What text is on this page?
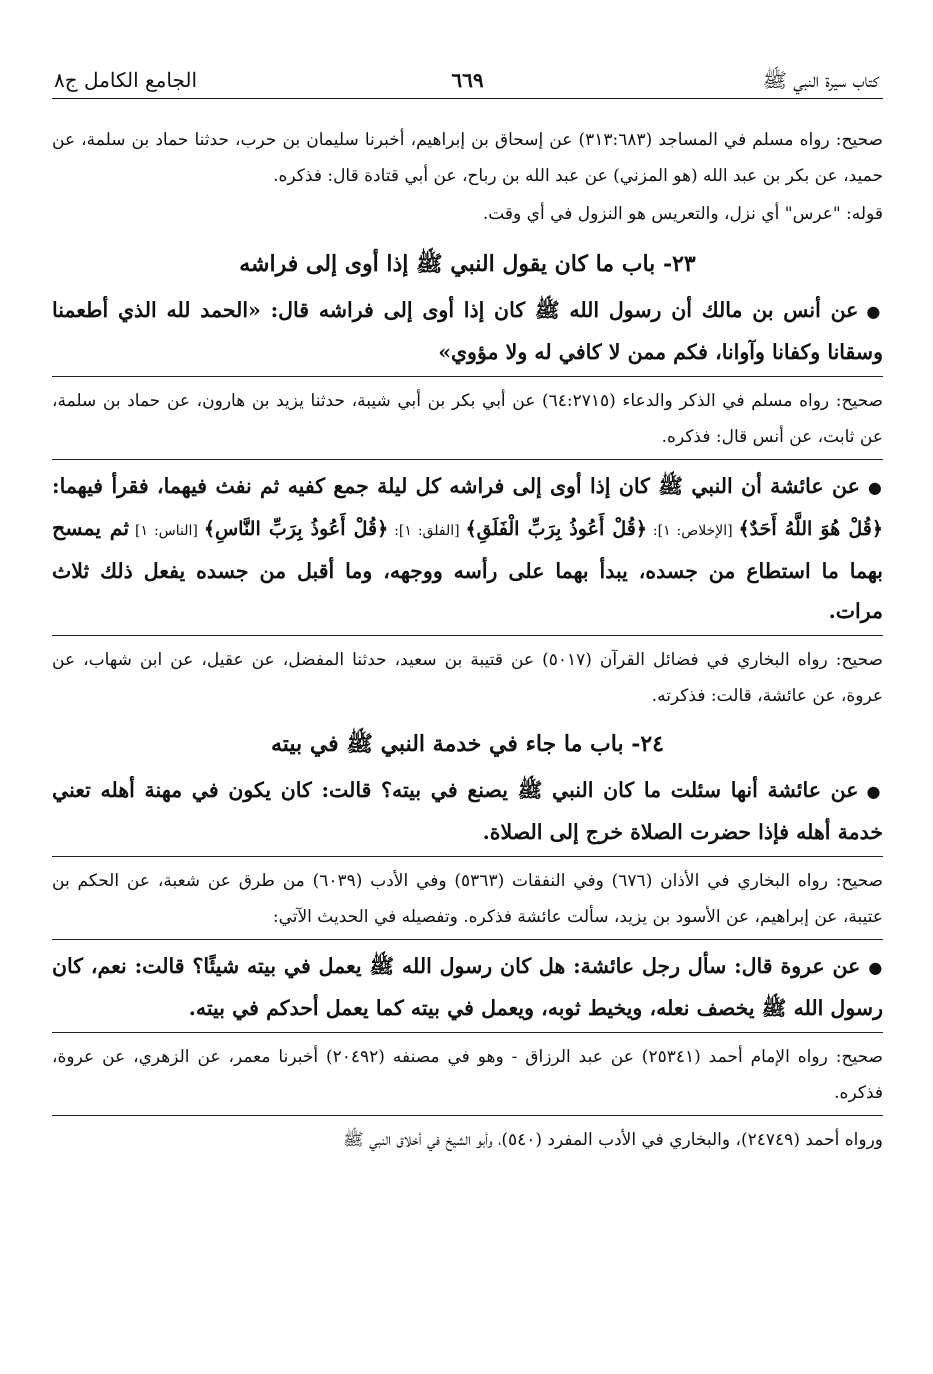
كتاب سيرة النبي ﷺ
٦٦٩
الجامع الكامل ج٨

صحيح: رواه مسلم في المساجد (٣١٣:٦٨٣) عن إسحاق بن إبراهيم، أخبرنا سليمان بن حرب، حدثنا حماد بن سلمة، عن حميد، عن بكر بن عبد الله (هو المزني) عن عبد الله بن رباح، عن أبي قتادة قال: فذكره.

قوله: "عرس" أي نزل، والتعريس هو النزول في أي وقت.

٢٣- باب ما كان يقول النبي ﷺ إذا أوى إلى فراشه

●عن أنس بن مالك أن رسول الله ﷺ كان إذا أوى إلى فراشه قال: «الحمد لله الذي أطعمنا وسقانا وكفانا وآوانا، فكم ممن لا كافي له ولا مؤوي»

صحيح: رواه مسلم في الذكر والدعاء (٦٤:٢٧١٥) عن أبي بكر بن أبي شيبة، حدثنا يزيد بن هارون، عن حماد بن سلمة، عن ثابت، عن أنس قال: فذكره.

●عن عائشة أن النبي ﷺ كان إذا أوى إلى فراشه كل ليلة جمع كفيه ثم نفث فيهما، فقرأ فيهما: ﴿قُلْ هُوَ اللَّهُ أَحَدٌ﴾ [الإخلاص: ١]: ﴿قُلْ أَعُوذُ بِرَبِّ الْفَلَقِ﴾ [الفلق: ١]: ﴿قُلْ أَعُوذُ بِرَبِّ النَّاسِ﴾ [الناس: ١] ثم يمسح بهما ما استطاع من جسده، يبدأ بهما على رأسه ووجهه، وما أقبل من جسده يفعل ذلك ثلاث مرات.

صحيح: رواه البخاري في فضائل القرآن (٥٠١٧) عن قتيبة بن سعيد، حدثنا المفضل، عن عقيل، عن ابن شهاب، عن عروة، عن عائشة، قالت: فذكرته.

٢٤- باب ما جاء في خدمة النبي ﷺ في بيته

●عن عائشة أنها سئلت ما كان النبي ﷺ يصنع في بيته؟ قالت: كان يكون في مهنة أهله تعني خدمة أهله فإذا حضرت الصلاة خرج إلى الصلاة.

صحيح: رواه البخاري في الأذان (٦٧٦) وفي النفقات (٥٣٦٣) وفي الأدب (٦٠٣٩) من طرق عن شعبة، عن الحكم بن عتيبة، عن إبراهيم، عن الأسود بن يزيد، سألت عائشة فذكره. وتفصيله في الحديث الآتي:

●عن عروة قال: سأل رجل عائشة: هل كان رسول الله ﷺ يعمل في بيته شيئًا؟ قالت: نعم، كان رسول الله ﷺ يخصف نعله، ويخيط ثوبه، ويعمل في بيته كما يعمل أحدكم في بيته.

صحيح: رواه الإمام أحمد (٢٥٣٤١) عن عبد الرزاق - وهو في مصنفه (٢٠٤٩٢) أخبرنا معمر، عن الزهري، عن عروة، فذكره.

ورواه أحمد (٢٤٧٤٩)، والبخاري في الأدب المفرد (٥٤٠)، وأبو الشيخ في أخلاق النبي ﷺ
